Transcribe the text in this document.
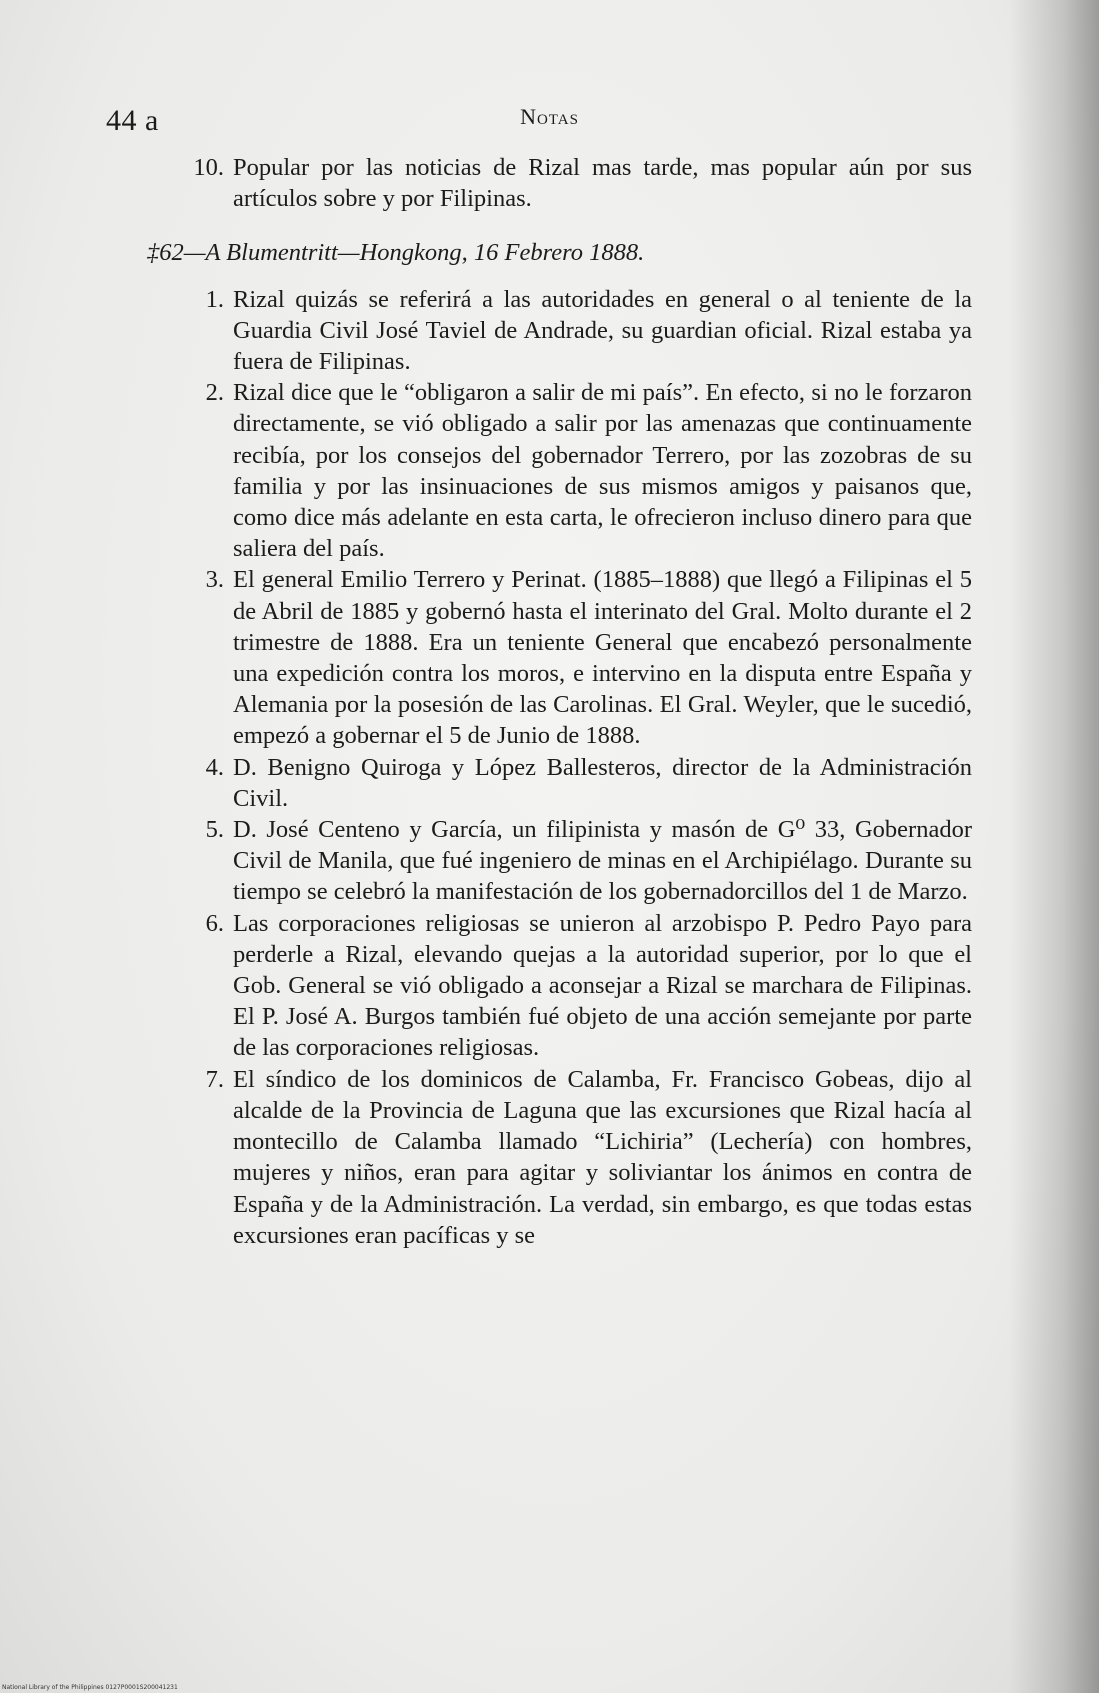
44 a	Notas

10. Popular por las noticias de Rizal mas tarde, mas popular aún por sus artículos sobre y por Filipinas.

‡62—A Blumentritt—Hongkong, 16 Febrero 1888.

1. Rizal quizás se referirá a las autoridades en general o al teniente de la Guardia Civil José Taviel de Andrade, su guardian oficial. Rizal estaba ya fuera de Filipinas.

2. Rizal dice que le “obligaron a salir de mi país”. En efecto, si no le forzaron directamente, se vió obligado a salir por las amenazas que continuamente recibía, por los consejos del gobernador Terrero, por las zozobras de su familia y por las insinuaciones de sus mismos amigos y paisanos que, como dice más adelante en esta carta, le ofrecieron incluso dinero para que saliera del país.

3. El general Emilio Terrero y Perinat. (1885–1888) que llegó a Filipinas el 5 de Abril de 1885 y gobernó hasta el interinato del Gral. Molto durante el 2 trimestre de 1888. Era un teniente General que encabezó personalmente una expedición contra los moros, e intervino en la disputa entre España y Alemania por la posesión de las Carolinas. El Gral. Weyler, que le sucedió, empezó a gobernar el 5 de Junio de 1888.

4. D. Benigno Quiroga y López Ballesteros, director de la Administración Civil.

5. D. José Centeno y García, un filipinista y masón de G⁰ 33, Gobernador Civil de Manila, que fué ingeniero de minas en el Archipiélago. Durante su tiempo se celebró la manifestación de los gobernadorcillos del 1 de Marzo.

6. Las corporaciones religiosas se unieron al arzobispo P. Pedro Payo para perderle a Rizal, elevando quejas a la autoridad superior, por lo que el Gob. General se vió obligado a aconsejar a Rizal se marchara de Filipinas. El P. José A. Burgos también fué objeto de una acción semejante por parte de las corporaciones religiosas.

7. El síndico de los dominicos de Calamba, Fr. Francisco Gobeas, dijo al alcalde de la Provincia de Laguna que las excursiones que Rizal hacía al montecillo de Calamba llamado “Lichiria” (Lechería) con hombres, mujeres y niños, eran para agitar y soliviantar los ánimos en contra de España y de la Administración. La verdad, sin embargo, es que todas estas excursiones eran pacíficas y se

National Library of the Philippines 0127P0001S200041231
